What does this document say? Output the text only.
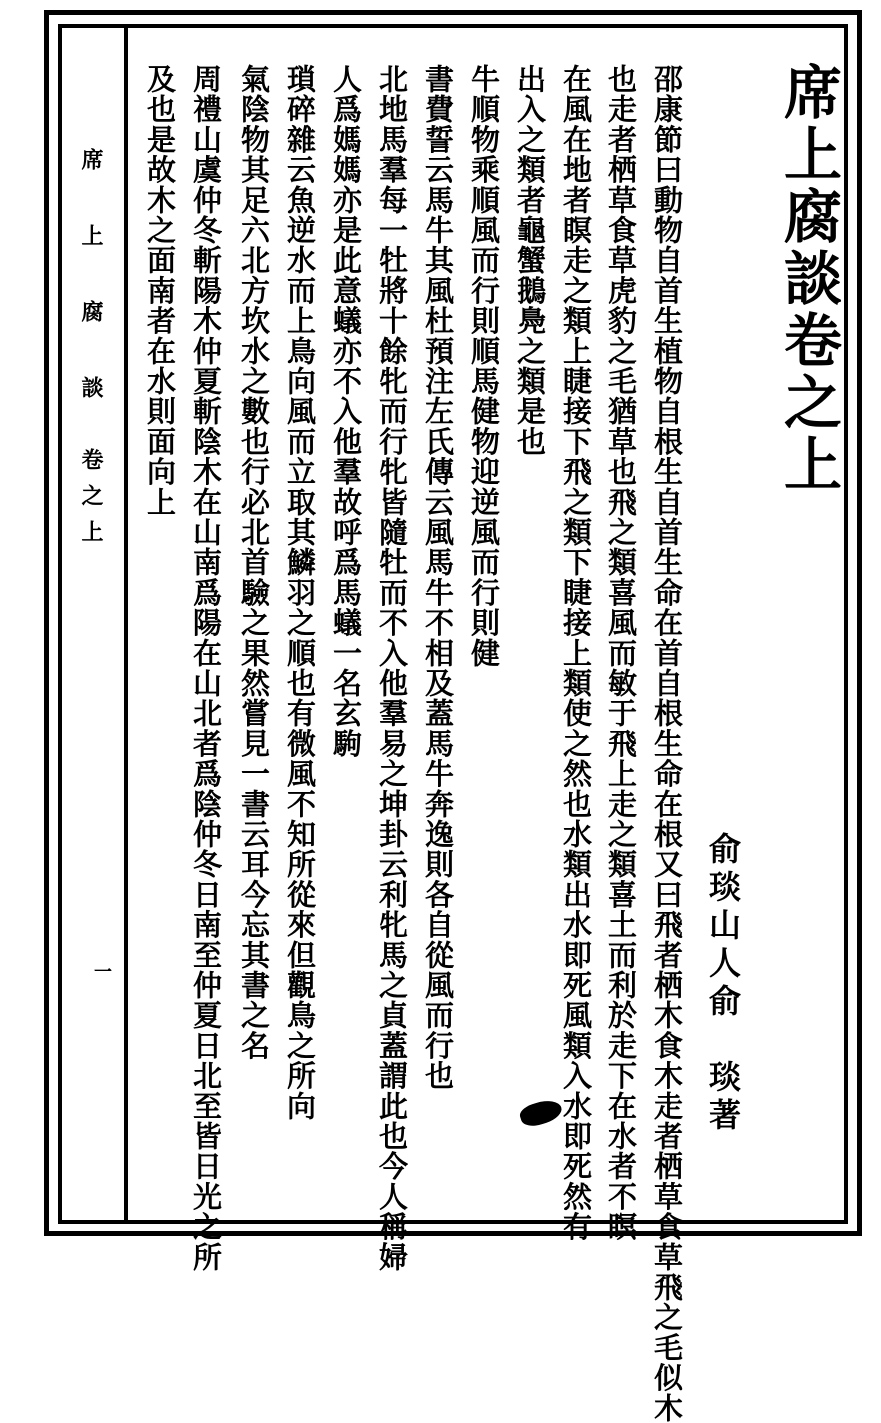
席上腐談卷之上
俞琰山人俞　琰著
邵康節曰動物自首生植物自根生自首生命在首自根生命在根又曰飛者栖木食木走者栖草食草飛之毛似木
也走者栖草食草虎豹之毛猶草也飛之類喜風而敏于飛上走之類喜土而利於走下在水者不瞑
在風在地者瞑走之類上睫接下飛之類下睫接上類使之然也水類出水即死風類入水即死然有
出入之類者龜蟹鵝鳧之類是也
牛順物乘順風而行則順馬健物迎逆風而行則健
書費誓云馬牛其風杜預注左氏傳云風馬牛不相及蓋馬牛奔逸則各自從風而行也
北地馬羣每一牡將十餘牝而行牝皆隨牡而不入他羣易之坤卦云利牝馬之貞蓋謂此也今人稱婦
人爲媽媽亦是此意蟻亦不入他羣故呼爲馬蟻一名玄駒
瑣碎雜云魚逆水而上鳥向風而立取其鱗羽之順也有微風不知所從來但觀鳥之所向
氣陰物其足六北方坎水之數也行必北首驗之果然嘗見一書云耳今忘其書之名
周禮山虞仲冬斬陽木仲夏斬陰木在山南爲陽在山北者爲陰仲冬日南至仲夏日北至皆日光之所
及也是故木之面南者在水則面向上
席 上 腐 談　卷之上
一
